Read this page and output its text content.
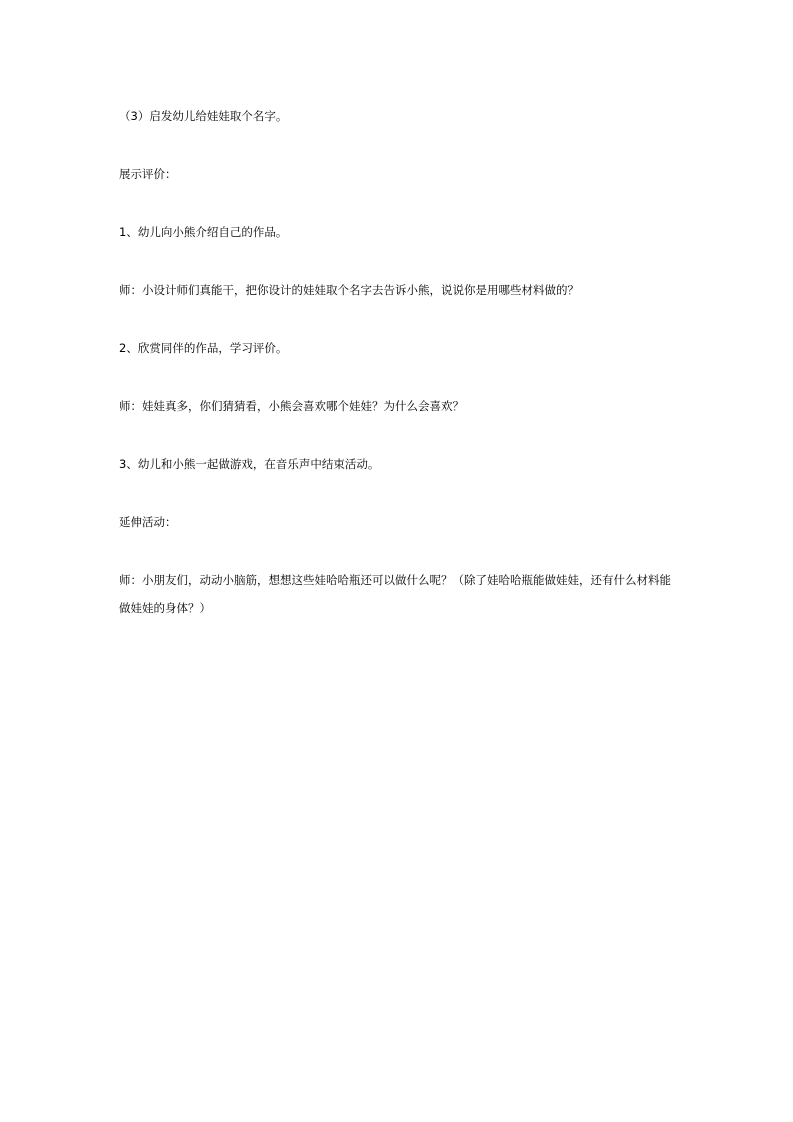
（3）启发幼儿给娃娃取个名字。

展示评价：

1、幼儿向小熊介绍自己的作品。

师：小设计师们真能干，把你设计的娃娃取个名字去告诉小熊，说说你是用哪些材料做的？

2、欣赏同伴的作品，学习评价。

师：娃娃真多，你们猜猜看，小熊会喜欢哪个娃娃？为什么会喜欢？

3、幼儿和小熊一起做游戏，在音乐声中结束活动。

延伸活动：

师：小朋友们，动动小脑筋，想想这些娃哈哈瓶还可以做什么呢？（除了娃哈哈瓶能做娃娃，还有什么材料能做娃娃的身体？）
